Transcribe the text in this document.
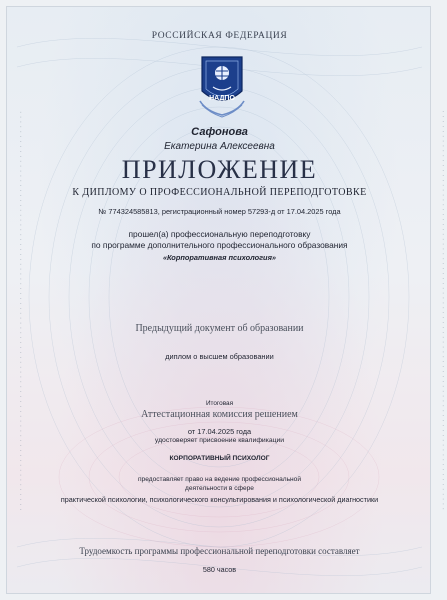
· · · · · · · · · · · · · · · · · · · · · · · · · · · · · · · · · · · · · · · · · · · · · · · · · · · · · · · · · · · · · · · · · · · · · · · · · · · · · · · · · ·	· · · · · · · · · · · · · · · · · · · · · · · · · · · · · · · · · · · · · · · · · · · · · · · · · · · · · · · · · · · · · · · · · · · · · · · · · · · · · · · · · ·
РОССИЙСКАЯ ФЕДЕРАЦИЯ
НАДПО
Сафонова
Екатерина Алексеевна
ПРИЛОЖЕНИЕ
К ДИПЛОМУ О ПРОФЕССИОНАЛЬНОЙ ПЕРЕПОДГОТОВКЕ
№ 774324585813, регистрационный номер 57293-д от 17.04.2025 года
прошел(а) профессиональную переподготовку
по программе дополнительного профессионального образования
«Корпоративная психология»
Предыдущий документ об образовании
диплом о высшем образовании
Итоговая
Аттестационная комиссия решением
от 17.04.2025 года
удостоверяет присвоение квалификации
КОРПОРАТИВНЫЙ ПСИХОЛОГ
предоставляет право на ведение профессиональной
деятельности в сфере
практической психологии, психологического консультирования и психологической диагностики
Трудоемкость программы профессиональной переподготовки составляет
580 часов
